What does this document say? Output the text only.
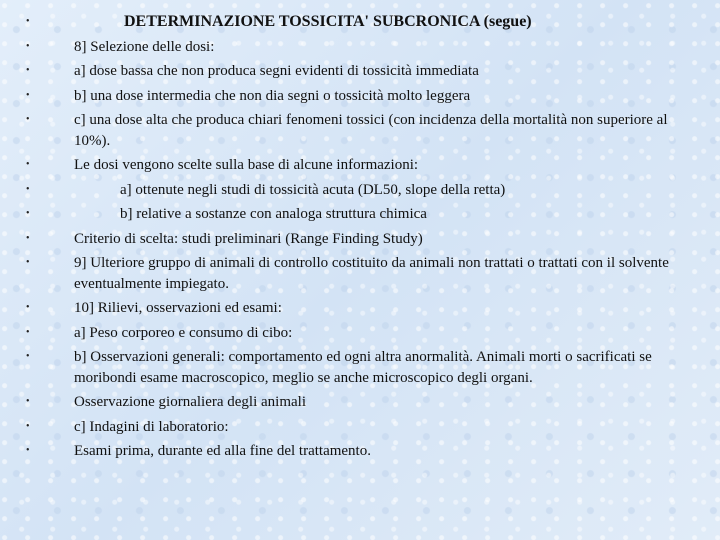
•	DETERMINAZIONE TOSSICITA' SUBCRONICA (segue)
•	8] Selezione delle dosi:
•	a] dose bassa che non produca segni evidenti di tossicità immediata
•	b] una dose intermedia che non dia segni o tossicità molto leggera
•	c] una dose alta che produca chiari fenomeni tossici (con incidenza della mortalità non superiore al 10%).
•	Le dosi vengono scelte sulla base di alcune informazioni:
•	a] ottenute negli studi di tossicità acuta (DL50, slope della retta)
•	b] relative a sostanze con analoga struttura chimica
•	Criterio di scelta: studi preliminari (Range Finding Study)
•	9] Ulteriore gruppo di animali di controllo costituito da animali non trattati o trattati con il solvente eventualmente impiegato.
•	10] Rilievi, osservazioni ed esami:
•	a] Peso corporeo e consumo di cibo:
•	b] Osservazioni generali: comportamento ed ogni altra anormalità. Animali morti o sacrificati se moribondi esame macroscopico, meglio se anche microscopico degli organi.
•	Osservazione giornaliera degli animali
•	c] Indagini di laboratorio:
•	Esami prima, durante ed alla fine del trattamento.
